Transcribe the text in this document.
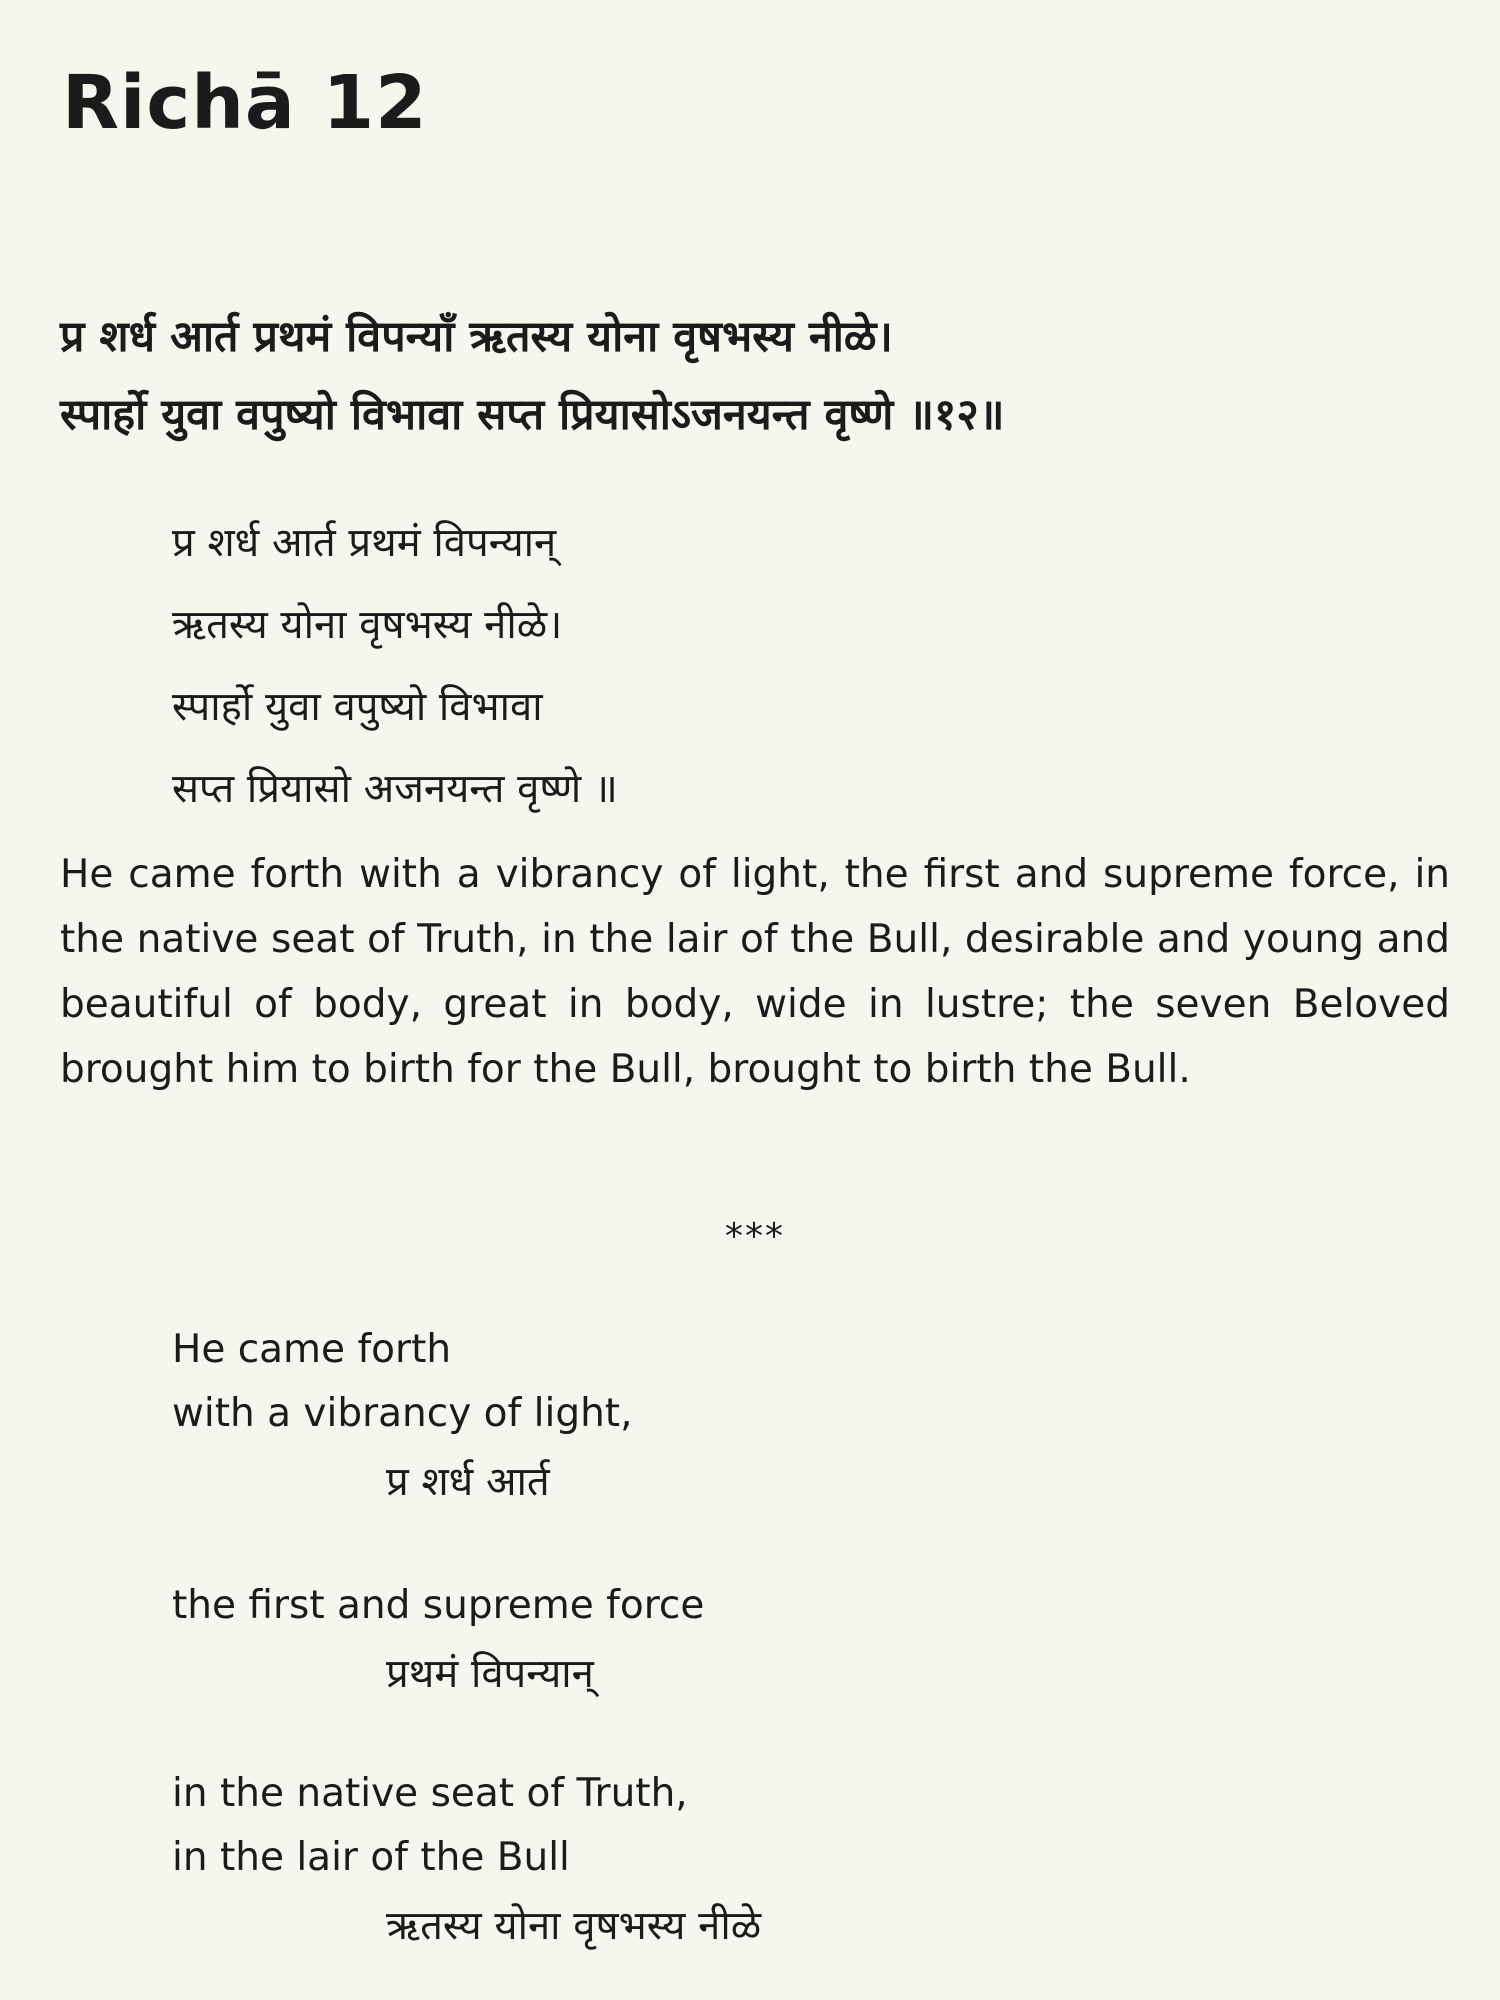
Richā 12
प्र शर्ध आर्त प्रथमं विपन्याँ ऋतस्य योना वृषभस्य नीळे।
स्पार्हो युवा वपुष्यो विभावा सप्त प्रियासोऽजनयन्त वृष्णे ॥१२॥
प्र शर्ध आर्त प्रथमं विपन्यान्
ऋतस्य योना वृषभस्य नीळे।
स्पार्हो युवा वपुष्यो विभावा
सप्त प्रियासो अजनयन्त वृष्णे ॥

He came forth with a vibrancy of light, the first and supreme force, in the native seat of Truth, in the lair of the Bull, desirable and young and beautiful of body, great in body, wide in lustre; the seven Beloved brought him to birth for the Bull, brought to birth the Bull.

***
He came forth
with a vibrancy of light,
प्र शर्ध आर्त
the first and supreme force
प्रथमं विपन्यान्
in the native seat of Truth,
in the lair of the Bull
ऋतस्य योना वृषभस्य नीळे
